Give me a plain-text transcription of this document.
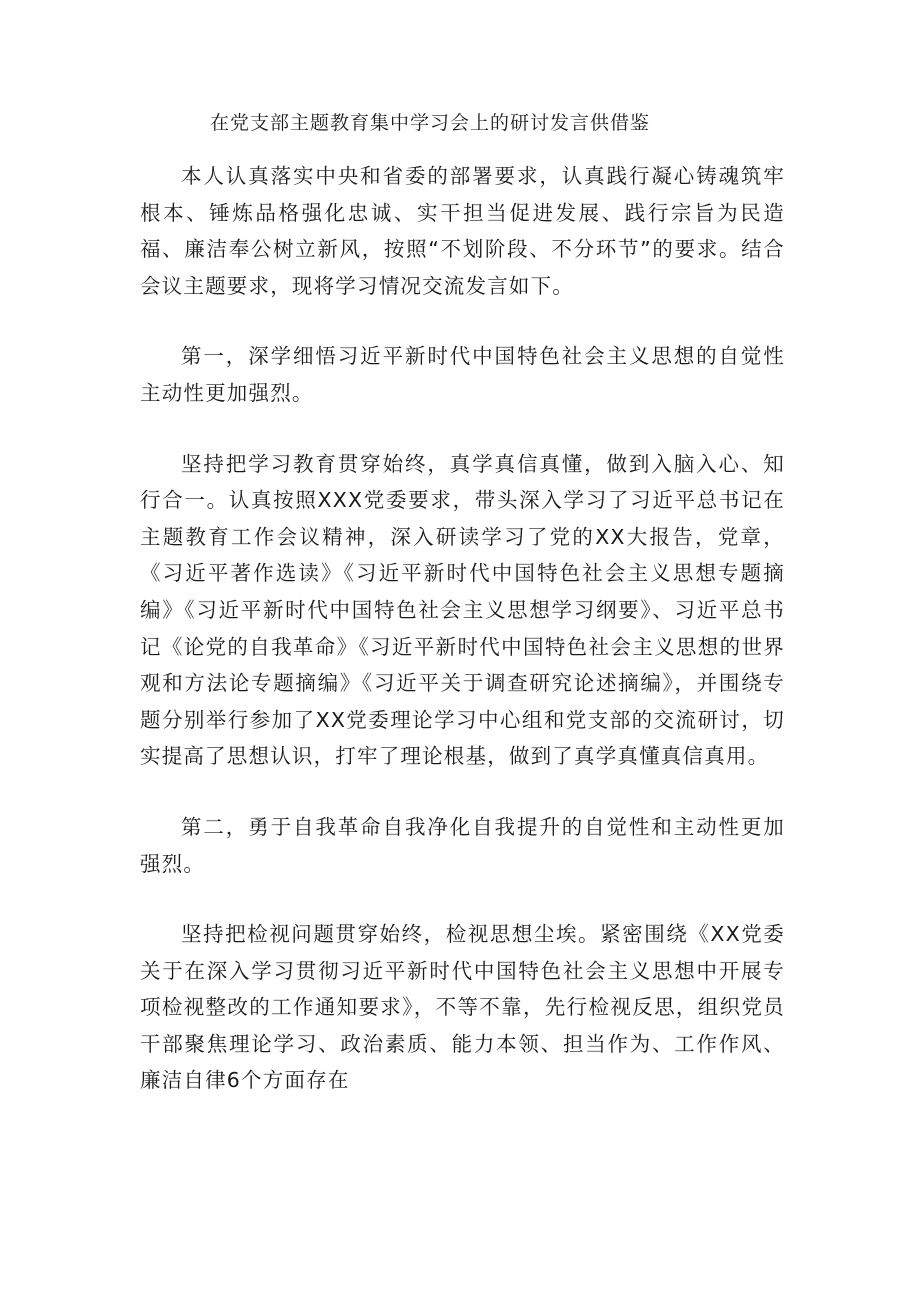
在党支部主题教育集中学习会上的研讨发言供借鉴

本人认真落实中央和省委的部署要求，认真践行凝心铸魂筑牢根本、锤炼品格强化忠诚、实干担当促进发展、践行宗旨为民造福、廉洁奉公树立新风，按照“不划阶段、不分环节”的要求。结合会议主题要求，现将学习情况交流发言如下。

第一，深学细悟习近平新时代中国特色社会主义思想的自觉性主动性更加强烈。

坚持把学习教育贯穿始终，真学真信真懂，做到入脑入心、知行合一。认真按照XXX党委要求，带头深入学习了习近平总书记在主题教育工作会议精神，深入研读学习了党的XX大报告，党章，《习近平著作选读》《习近平新时代中国特色社会主义思想专题摘编》《习近平新时代中国特色社会主义思想学习纲要》、习近平总书记《论党的自我革命》《习近平新时代中国特色社会主义思想的世界观和方法论专题摘编》《习近平关于调查研究论述摘编》，并围绕专题分别举行参加了XX党委理论学习中心组和党支部的交流研讨，切实提高了思想认识，打牢了理论根基，做到了真学真懂真信真用。

第二，勇于自我革命自我净化自我提升的自觉性和主动性更加强烈。

坚持把检视问题贯穿始终，检视思想尘埃。紧密围绕《XX党委关于在深入学习贯彻习近平新时代中国特色社会主义思想中开展专项检视整改的工作通知要求》，不等不靠，先行检视反思，组织党员干部聚焦理论学习、政治素质、能力本领、担当作为、工作作风、廉洁自律6个方面存在
